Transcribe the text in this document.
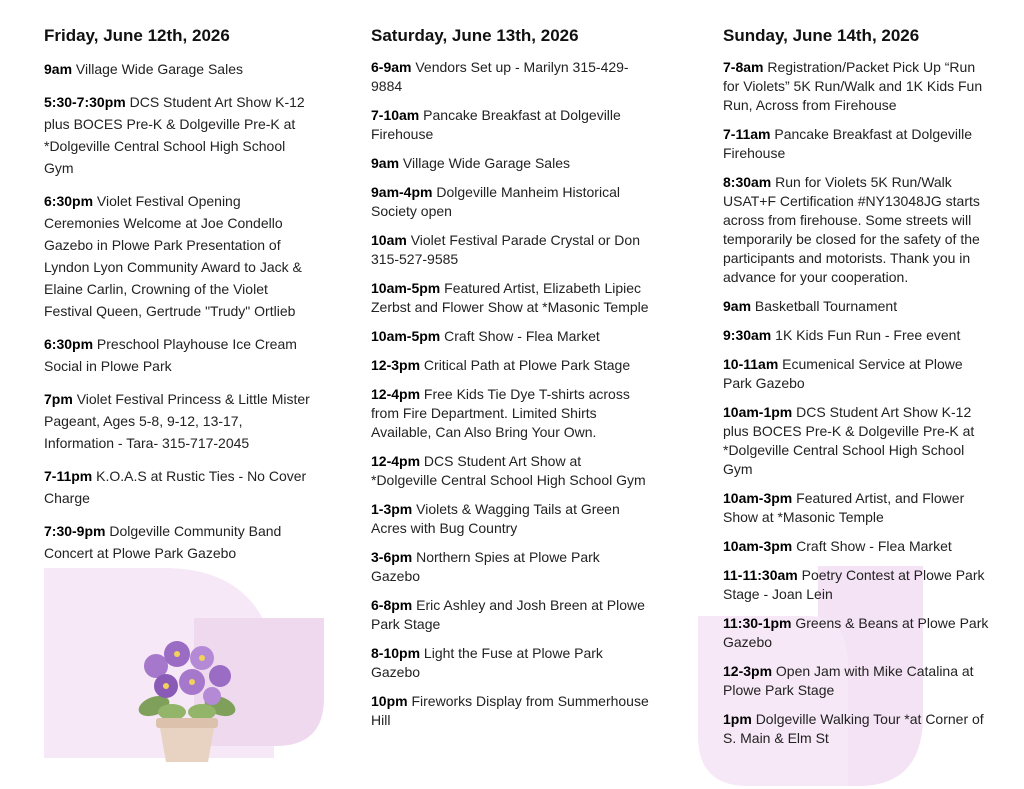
Friday, June 12th, 2026
9am Village Wide Garage Sales
5:30-7:30pm DCS Student Art Show K-12 plus BOCES Pre-K & Dolgeville Pre-K at *Dolgeville Central School High School Gym
6:30pm Violet Festival Opening Ceremonies Welcome at Joe Condello Gazebo in Plowe Park Presentation of Lyndon Lyon Community Award to Jack & Elaine Carlin, Crowning of the Violet Festival Queen, Gertrude "Trudy" Ortlieb
6:30pm Preschool Playhouse Ice Cream Social in Plowe Park
7pm Violet Festival Princess & Little Mister Pageant, Ages 5-8, 9-12, 13-17, Information - Tara- 315-717-2045
7-11pm K.O.A.S at Rustic Ties - No Cover Charge
7:30-9pm Dolgeville Community Band Concert at Plowe Park Gazebo
Saturday, June 13th, 2026
6-9am Vendors Set up - Marilyn 315-429-9884
7-10am Pancake Breakfast at Dolgeville Firehouse
9am Village Wide Garage Sales
9am-4pm Dolgeville Manheim Historical Society open
10am Violet Festival Parade Crystal or Don 315-527-9585
10am-5pm Featured Artist, Elizabeth Lipiec Zerbst and Flower Show at *Masonic Temple
10am-5pm Craft Show - Flea Market
12-3pm Critical Path at Plowe Park Stage
12-4pm Free Kids Tie Dye T-shirts across from Fire Department. Limited Shirts Available, Can Also Bring Your Own.
12-4pm DCS Student Art Show at *Dolgeville Central School High School Gym
1-3pm Violets & Wagging Tails at Green Acres with Bug Country
3-6pm Northern Spies at Plowe Park Gazebo
6-8pm Eric Ashley and Josh Breen at Plowe Park Stage
8-10pm Light the Fuse at Plowe Park Gazebo
10pm Fireworks Display from Summerhouse Hill
Sunday, June 14th, 2026
7-8am Registration/Packet Pick Up “Run for Violets” 5K Run/Walk and 1K Kids Fun Run, Across from Firehouse
7-11am Pancake Breakfast at Dolgeville Firehouse
8:30am Run for Violets 5K Run/Walk USAT+F Certification #NY13048JG starts across from firehouse. Some streets will temporarily be closed for the safety of the participants and motorists. Thank you in advance for your cooperation.
9am Basketball Tournament
9:30am 1K Kids Fun Run - Free event
10-11am Ecumenical Service at Plowe Park Gazebo
10am-1pm DCS Student Art Show K-12 plus BOCES Pre-K & Dolgeville Pre-K at *Dolgeville Central School High School Gym
10am-3pm Featured Artist, and Flower Show at *Masonic Temple
10am-3pm Craft Show - Flea Market
11-11:30am Poetry Contest at Plowe Park Stage - Joan Lein
11:30-1pm Greens & Beans at Plowe Park Gazebo
12-3pm Open Jam with Mike Catalina at Plowe Park Stage
1pm Dolgeville Walking Tour *at Corner of S. Main & Elm St
